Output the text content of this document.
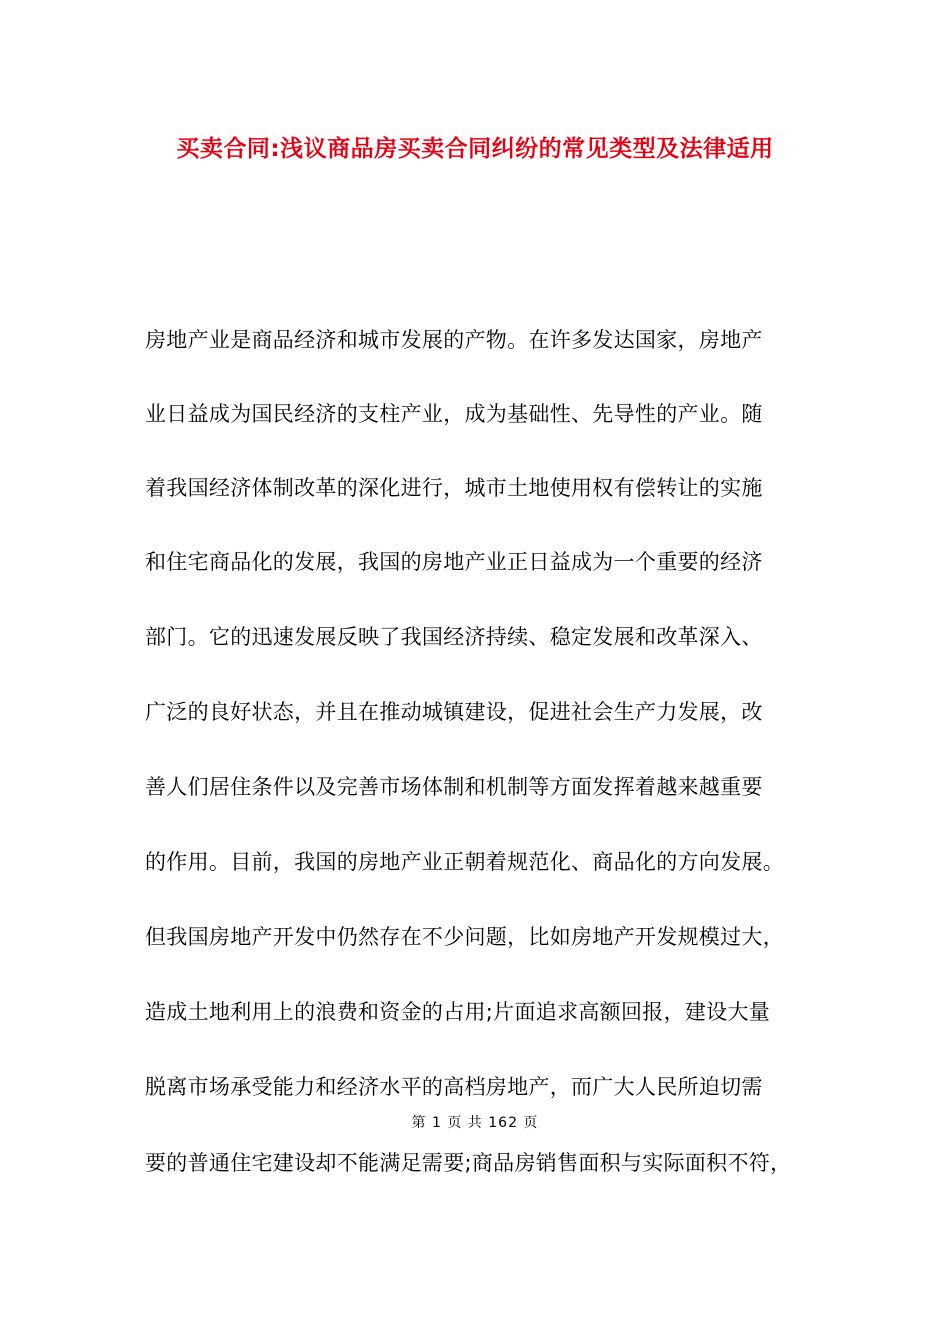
买卖合同:浅议商品房买卖合同纠纷的常见类型及法律适用
房地产业是商品经济和城市发展的产物。在许多发达国家，房地产
业日益成为国民经济的支柱产业，成为基础性、先导性的产业。随
着我国经济体制改革的深化进行，城市土地使用权有偿转让的实施
和住宅商品化的发展，我国的房地产业正日益成为一个重要的经济
部门。它的迅速发展反映了我国经济持续、稳定发展和改革深入、
广泛的良好状态，并且在推动城镇建设，促进社会生产力发展，改
善人们居住条件以及完善市场体制和机制等方面发挥着越来越重要
的作用。目前，我国的房地产业正朝着规范化、商品化的方向发展。
但我国房地产开发中仍然存在不少问题，比如房地产开发规模过大，
造成土地利用上的浪费和资金的占用;片面追求高额回报，建设大量
脱离市场承受能力和经济水平的高档房地产，而广大人民所迫切需
第 1 页 共 162 页
要的普通住宅建设却不能满足需要;商品房销售面积与实际面积不符，
